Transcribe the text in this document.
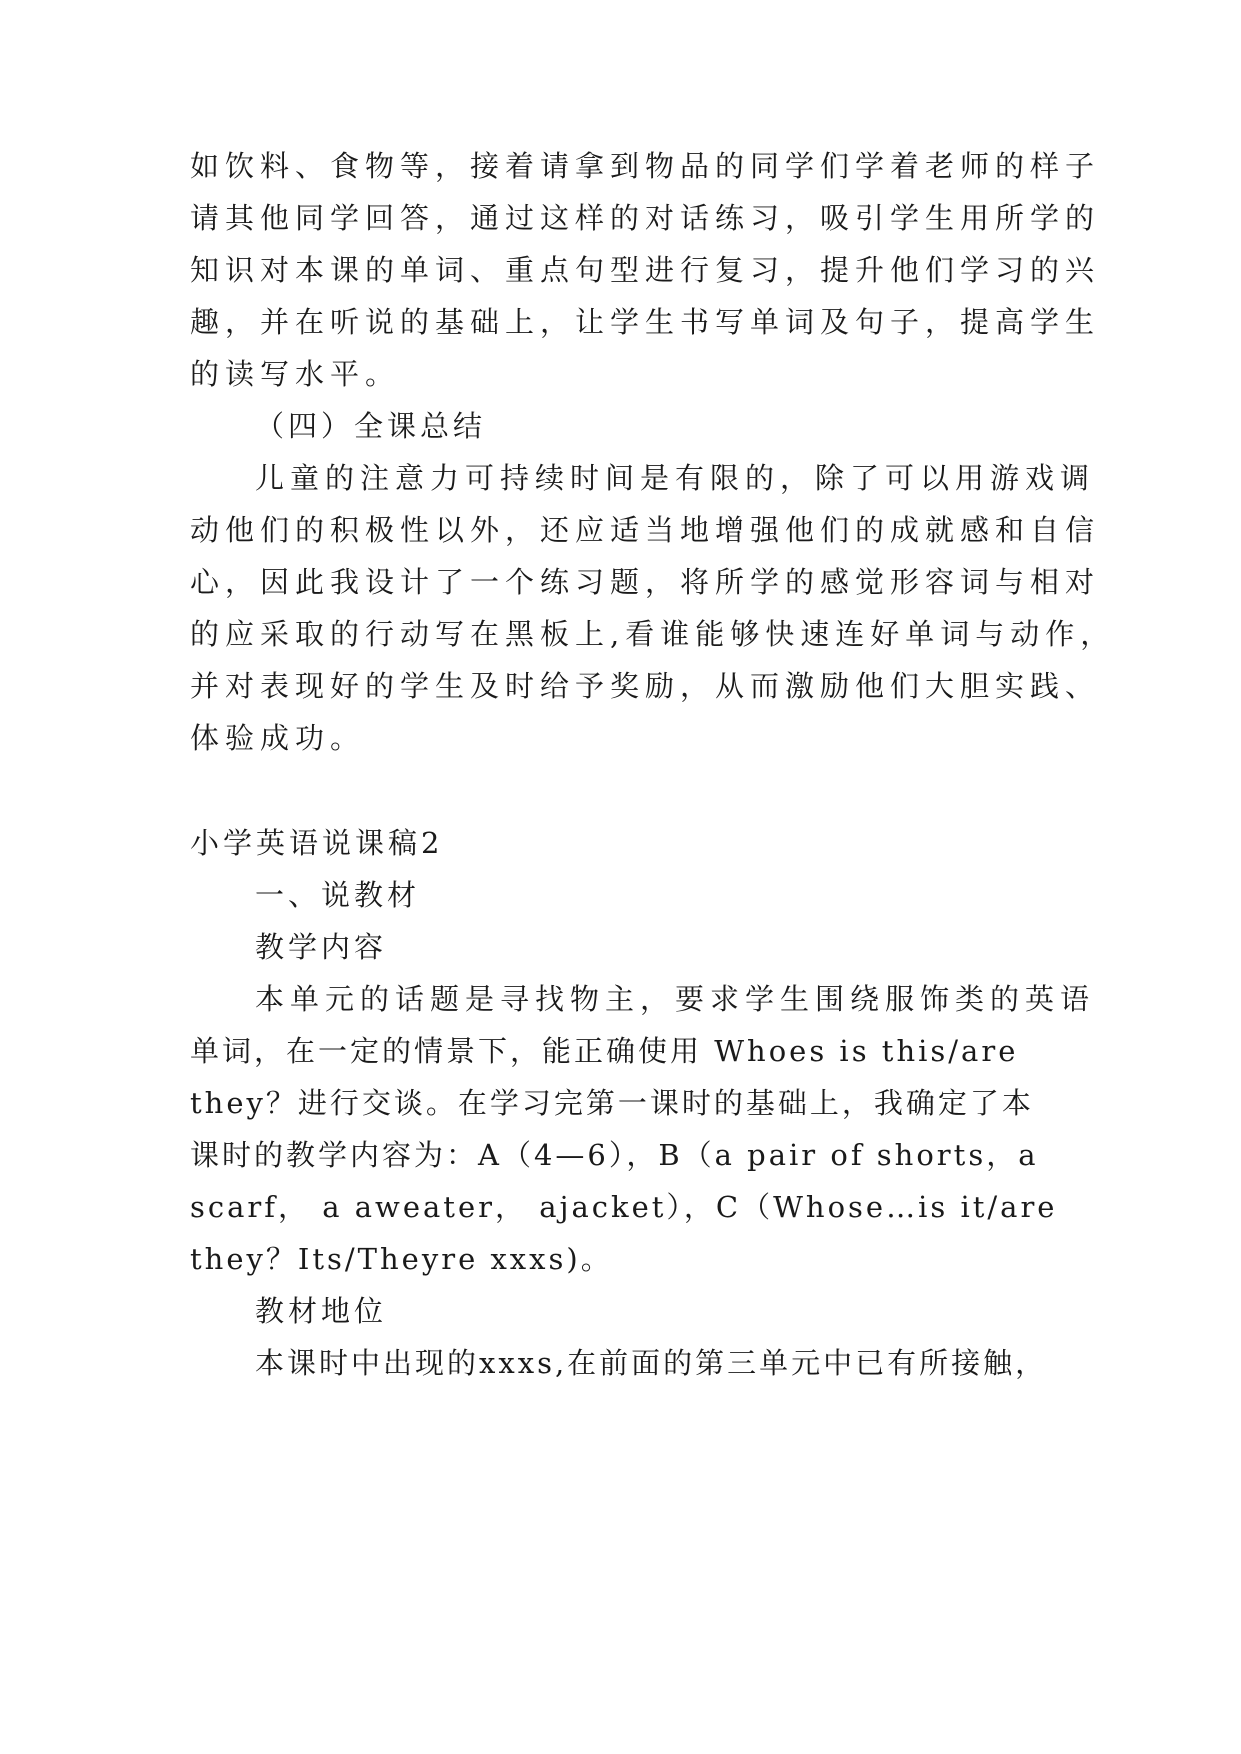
如饮料、食物等，接着请拿到物品的同学们学着老师的样子
请其他同学回答，通过这样的对话练习，吸引学生用所学的
知识对本课的单词、重点句型进行复习，提升他们学习的兴
趣，并在听说的基础上，让学生书写单词及句子，提高学生
的读写水平。
（四）全课总结
儿童的注意力可持续时间是有限的，除了可以用游戏调
动他们的积极性以外，还应适当地增强他们的成就感和自信
心，因此我设计了一个练习题，将所学的感觉形容词与相对
的应采取的行动写在黑板上,看谁能够快速连好单词与动作，
并对表现好的学生及时给予奖励，从而激励他们大胆实践、
体验成功。
小学英语说课稿2
一、说教材
教学内容
本单元的话题是寻找物主，要求学生围绕服饰类的英语
单词，在一定的情景下，能正确使用 Whoes is this/are
they？进行交谈。在学习完第一课时的基础上，我确定了本
课时的教学内容为：A（4—6），B（a pair of shorts，a
scarf， a aweater， ajacket），C（Whose…is it/are
they？Its/Theyre xxxs)。
教材地位
本课时中出现的xxxs,在前面的第三单元中已有所接触，
